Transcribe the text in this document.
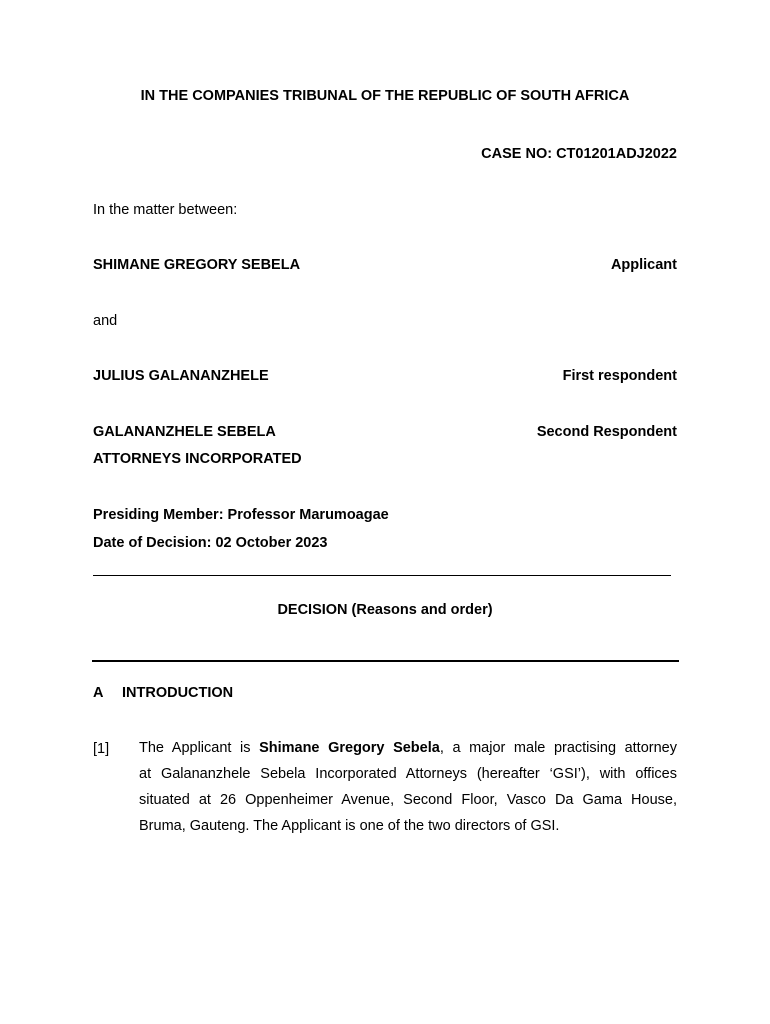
IN THE COMPANIES TRIBUNAL OF THE REPUBLIC OF SOUTH AFRICA
CASE NO: CT01201ADJ2022
In the matter between:
SHIMANE GREGORY SEBELA	Applicant
and
JULIUS GALANANZHELE	First respondent
GALANANZHELE SEBELA	Second Respondent
ATTORNEYS INCORPORATED
Presiding Member: Professor Marumoagae
Date of Decision: 02 October 2023
DECISION (Reasons and order)
A INTRODUCTION
[1] The Applicant is Shimane Gregory Sebela, a major male practising attorney
at Galananzhele Sebela Incorporated Attorneys (hereafter ‘GSI’), with offices
situated at 26 Oppenheimer Avenue, Second Floor, Vasco Da Gama House,
Bruma, Gauteng. The Applicant is one of the two directors of GSI.
